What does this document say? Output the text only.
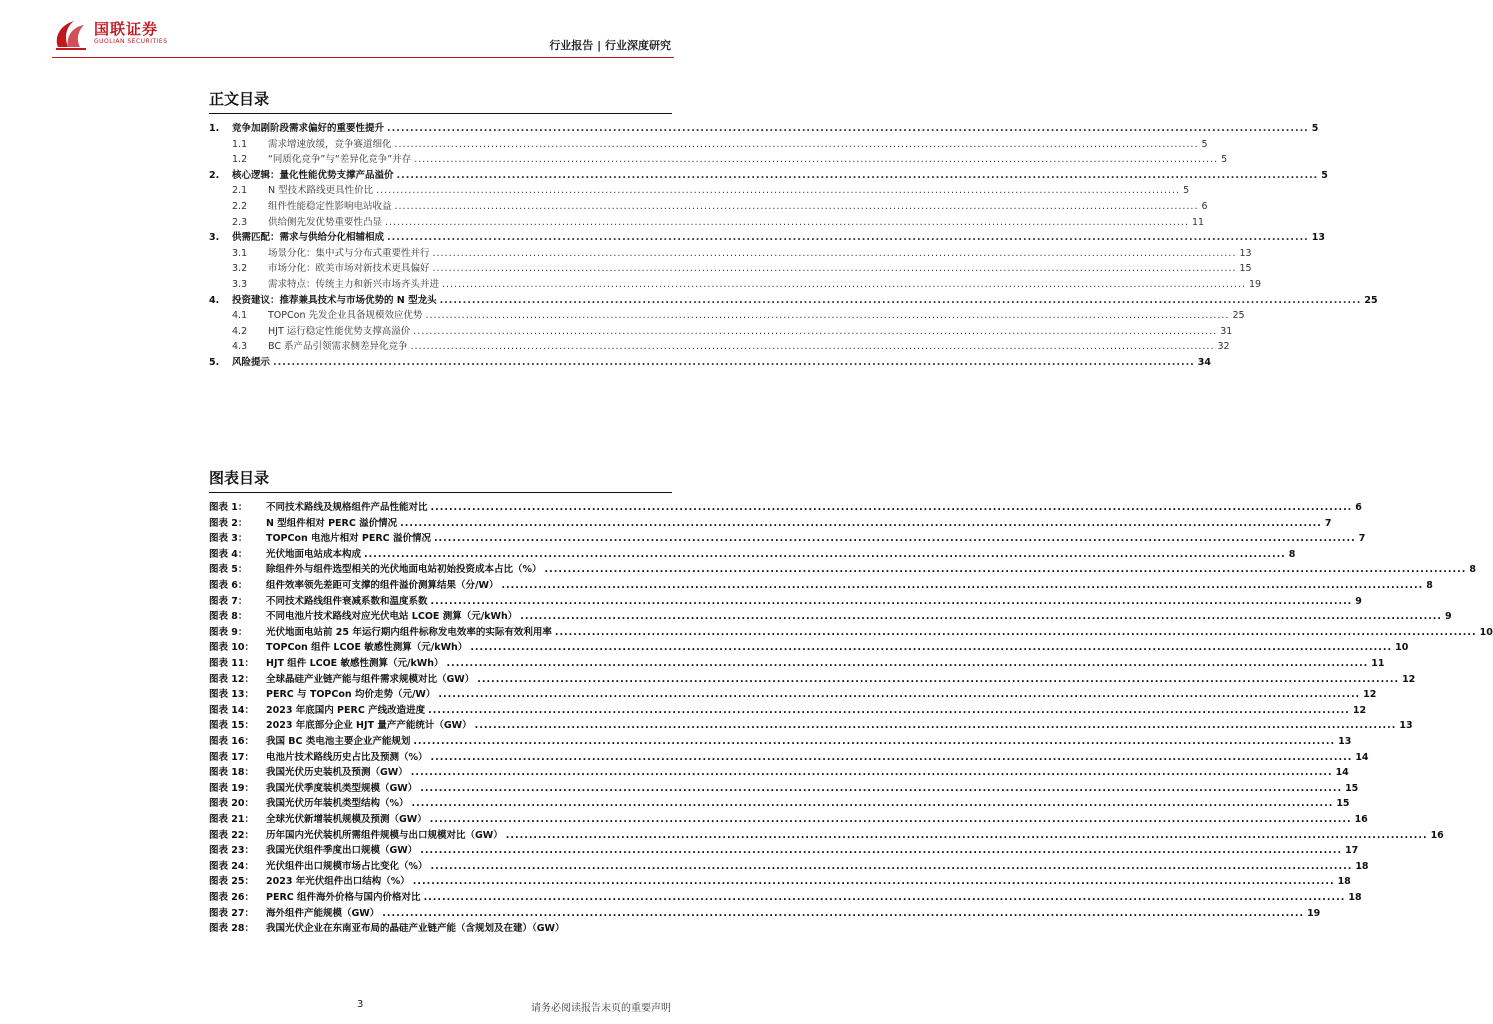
国联证券
GUOLIAN SECURITIES	行业报告 | 行业深度研究
正文目录
1.	竞争加剧阶段需求偏好的重要性提升 ........................................................................................................................................................................................................ 5
1.1	需求增速放缓，竞争赛道细化 ........................................................................................................................................................................................................ 5
1.2	“同质化竞争”与“差异化竞争”并存 ........................................................................................................................................................................................................ 5
2.	核心逻辑：量化性能优势支撑产品溢价 ........................................................................................................................................................................................................ 5
2.1	N 型技术路线更具性价比 ........................................................................................................................................................................................................ 5
2.2	组件性能稳定性影响电站收益 ........................................................................................................................................................................................................ 6
2.3	供给侧先发优势重要性凸显 ........................................................................................................................................................................................................ 11
3.	供需匹配：需求与供给分化相辅相成 ........................................................................................................................................................................................................ 13
3.1	场景分化：集中式与分布式重要性并行 ........................................................................................................................................................................................................ 13
3.2	市场分化：欧美市场对新技术更具偏好 ........................................................................................................................................................................................................ 15
3.3	需求特点：传统主力和新兴市场齐头并进 ........................................................................................................................................................................................................ 19
4.	投资建议：推荐兼具技术与市场优势的 N 型龙头 ........................................................................................................................................................................................................ 25
4.1	TOPCon 先发企业具备规模效应优势 ........................................................................................................................................................................................................ 25
4.2	HJT 运行稳定性能优势支撑高溢价 ........................................................................................................................................................................................................ 31
4.3	BC 系产品引领需求侧差异化竞争 ........................................................................................................................................................................................................ 32
5.	风险提示 ........................................................................................................................................................................................................ 34
图表目录
图表 1：	不同技术路线及规格组件产品性能对比 ........................................................................................................................................................................................................ 6
图表 2：	N 型组件相对 PERC 溢价情况 ........................................................................................................................................................................................................ 7
图表 3：	TOPCon 电池片相对 PERC 溢价情况 ........................................................................................................................................................................................................ 7
图表 4：	光伏地面电站成本构成 ........................................................................................................................................................................................................ 8
图表 5：	除组件外与组件选型相关的光伏地面电站初始投资成本占比（%） ........................................................................................................................................................................................................ 8
图表 6：	组件效率领先差距可支撑的组件溢价测算结果（分/W） ........................................................................................................................................................................................................ 8
图表 7：	不同技术路线组件衰减系数和温度系数 ........................................................................................................................................................................................................ 9
图表 8：	不同电池片技术路线对应光伏电站 LCOE 测算（元/kWh） ........................................................................................................................................................................................................ 9
图表 9：	光伏地面电站前 25 年运行期内组件标称发电效率的实际有效利用率 ........................................................................................................................................................................................................ 10
图表 10：	TOPCon 组件 LCOE 敏感性测算（元/kWh） ........................................................................................................................................................................................................ 10
图表 11：	HJT 组件 LCOE 敏感性测算（元/kWh） ........................................................................................................................................................................................................ 11
图表 12：	全球晶硅产业链产能与组件需求规模对比（GW） ........................................................................................................................................................................................................ 12
图表 13：	PERC 与 TOPCon 均价走势（元/W） ........................................................................................................................................................................................................ 12
图表 14：	2023 年底国内 PERC 产线改造进度 ........................................................................................................................................................................................................ 12
图表 15：	2023 年底部分企业 HJT 量产产能统计（GW） ........................................................................................................................................................................................................ 13
图表 16：	我国 BC 类电池主要企业产能规划 ........................................................................................................................................................................................................ 13
图表 17：	电池片技术路线历史占比及预测（%） ........................................................................................................................................................................................................ 14
图表 18：	我国光伏历史装机及预测（GW） ........................................................................................................................................................................................................ 14
图表 19：	我国光伏季度装机类型规模（GW） ........................................................................................................................................................................................................ 15
图表 20：	我国光伏历年装机类型结构（%） ........................................................................................................................................................................................................ 15
图表 21：	全球光伏新增装机规模及预测（GW） ........................................................................................................................................................................................................ 16
图表 22：	历年国内光伏装机所需组件规模与出口规模对比（GW） ........................................................................................................................................................................................................ 16
图表 23：	我国光伏组件季度出口规模（GW） ........................................................................................................................................................................................................ 17
图表 24：	光伏组件出口规模市场占比变化（%） ........................................................................................................................................................................................................ 18
图表 25：	2023 年光伏组件出口结构（%） ........................................................................................................................................................................................................ 18
图表 26：	PERC 组件海外价格与国内价格对比 ........................................................................................................................................................................................................ 18
图表 27：	海外组件产能规模（GW） ........................................................................................................................................................................................................ 19
图表 28：	我国光伏企业在东南亚布局的晶硅产业链产能（含规划及在建）（GW）
3	请务必阅读报告末页的重要声明
